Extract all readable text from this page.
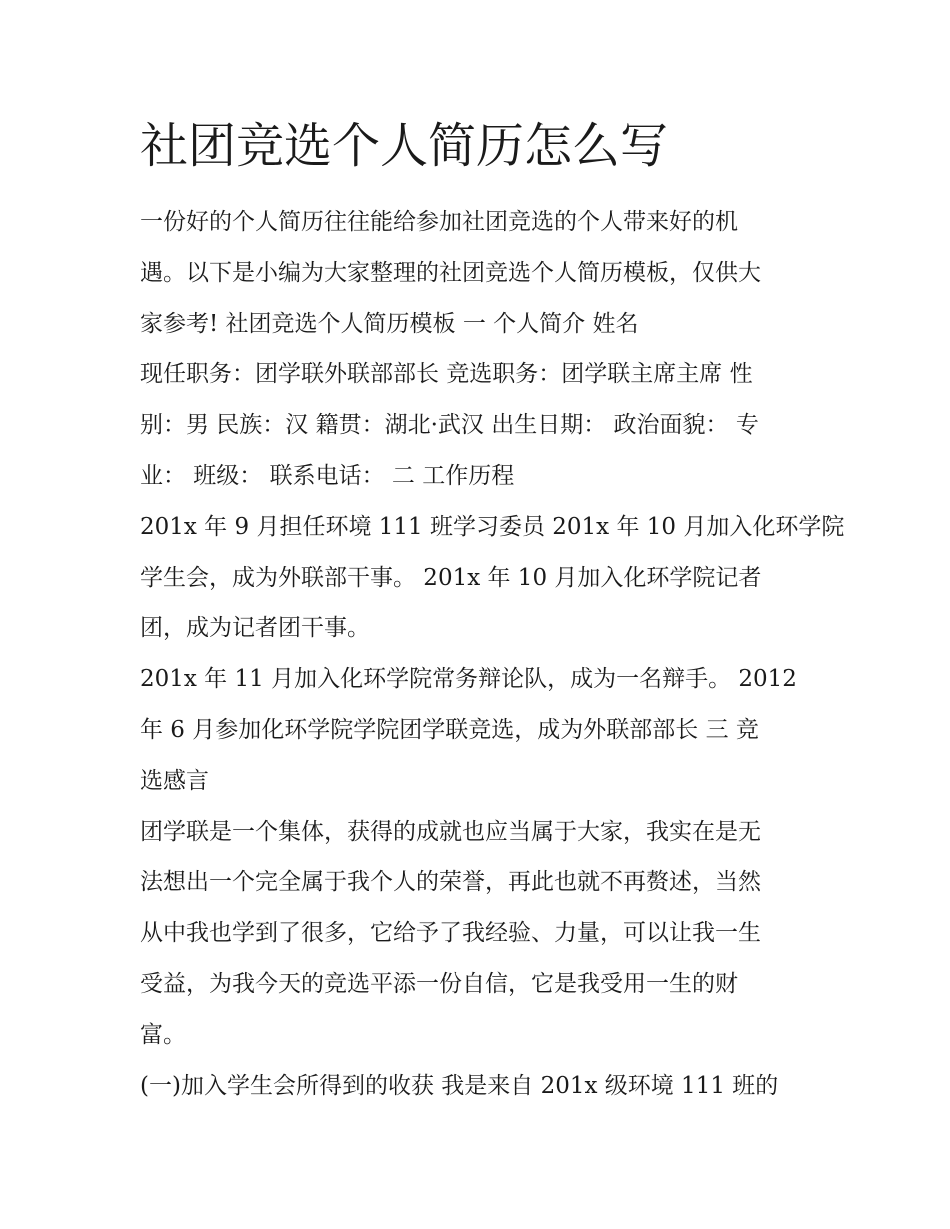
社团竞选个人简历怎么写
一份好的个人简历往往能给参加社团竞选的个人带来好的机
遇。以下是小编为大家整理的社团竞选个人简历模板，仅供大
家参考! 社团竞选个人简历模板 一 个人简介 姓名
现任职务：团学联外联部部长 竞选职务：团学联主席主席 性
别：男 民族：汉 籍贯：湖北·武汉 出生日期： 政治面貌： 专
业： 班级： 联系电话： 二 工作历程
201x 年 9 月担任环境 111 班学习委员 201x 年 10 月加入化环学院
学生会，成为外联部干事。 201x 年 10 月加入化环学院记者
团，成为记者团干事。
201x 年 11 月加入化环学院常务辩论队，成为一名辩手。 2012
年 6 月参加化环学院学院团学联竞选，成为外联部部长 三 竞
选感言
团学联是一个集体，获得的成就也应当属于大家，我实在是无
法想出一个完全属于我个人的荣誉，再此也就不再赘述，当然
从中我也学到了很多，它给予了我经验、力量，可以让我一生
受益，为我今天的竞选平添一份自信，它是我受用一生的财
富。
(一)加入学生会所得到的收获 我是来自 201x 级环境 111 班的
